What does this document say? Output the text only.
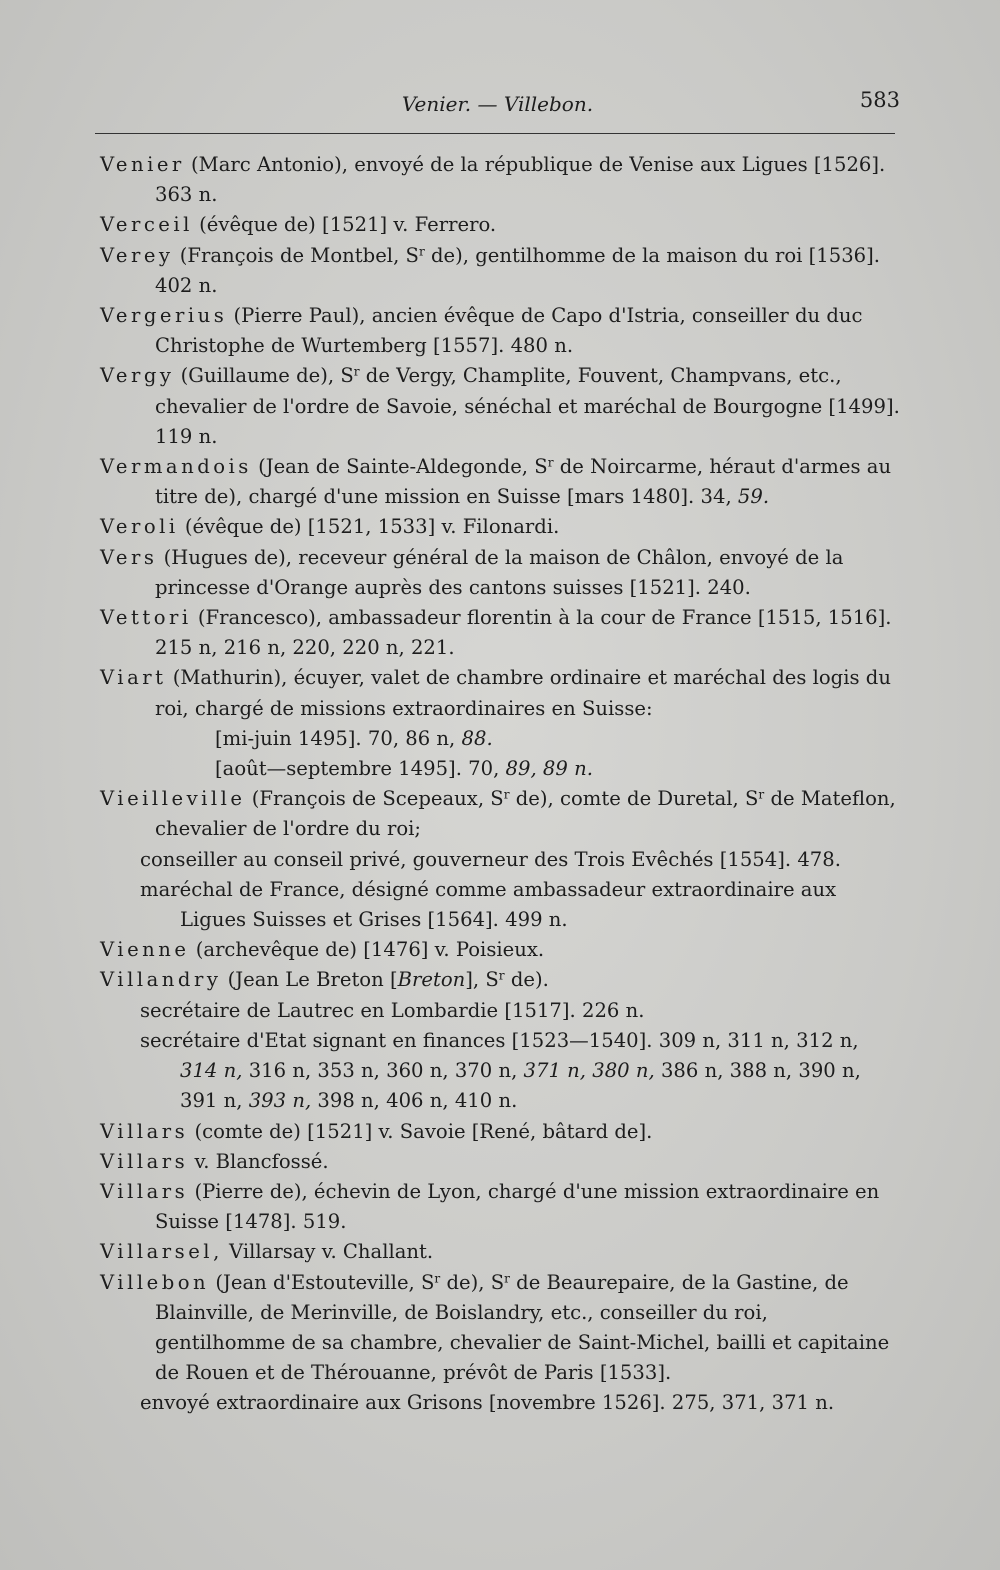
Venier. — Villebon.	583
Venier (Marc Antonio), envoyé de la république de Venise aux Ligues [1526]. 363 n.
Verceil (évêque de) [1521] v. Ferrero.
Verey (François de Montbel, $S^r$ de), gentilhomme de la maison du roi [1536]. 402 n.
Vergerius (Pierre Paul), ancien évêque de Capo d'Istria, conseiller du duc Christophe de Wurtemberg [1557]. 480 n.
Vergy (Guillaume de), $S^r$ de Vergy, Champlite, Fouvent, Champvans, etc., chevalier de l'ordre de Savoie, sénéchal et maréchal de Bourgogne [1499]. 119 n.
Vermandois (Jean de Sainte-Aldegonde, $S^r$ de Noircarme, héraut d'armes au titre de), chargé d'une mission en Suisse [mars 1480]. 34, 59.
Veroli (évêque de) [1521, 1533] v. Filonardi.
Vers (Hugues de), receveur général de la maison de Châlon, envoyé de la princesse d'Orange auprès des cantons suisses [1521]. 240.
Vettori (Francesco), ambassadeur florentin à la cour de France [1515, 1516]. 215 n, 216 n, 220, 220 n, 221.
Viart (Mathurin), écuyer, valet de chambre ordinaire et maréchal des logis du roi, chargé de missions extraordinaires en Suisse:
[mi-juin 1495]. 70, 86 n, 88.
[août—septembre 1495]. 70, 89, 89 n.
Vieilleville (François de Scepeaux, $S^r$ de), comte de Duretal, $S^r$ de Mateflon, chevalier de l'ordre du roi;
conseiller au conseil privé, gouverneur des Trois Evêchés [1554]. 478.
maréchal de France, désigné comme ambassadeur extraordinaire aux Ligues Suisses et Grises [1564]. 499 n.
Vienne (archevêque de) [1476] v. Poisieux.
Villandry (Jean Le Breton [Breton], $S^r$ de).
secrétaire de Lautrec en Lombardie [1517]. 226 n.
secrétaire d'Etat signant en finances [1523—1540]. 309 n, 311 n, 312 n, 314 n, 316 n, 353 n, 360 n, 370 n, 371 n, 380 n, 386 n, 388 n, 390 n, 391 n, 393 n, 398 n, 406 n, 410 n.
Villars (comte de) [1521] v. Savoie [René, bâtard de].
Villars v. Blancfossé.
Villars (Pierre de), échevin de Lyon, chargé d'une mission extraordinaire en Suisse [1478]. 519.
Villarsel, Villarsay v. Challant.
Villebon (Jean d'Estouteville, $S^r$ de), $S^r$ de Beaurepaire, de la Gastine, de Blainville, de Merinville, de Boislandry, etc., conseiller du roi, gentilhomme de sa chambre, chevalier de Saint-Michel, bailli et capitaine de Rouen et de Thérouanne, prévôt de Paris [1533].
envoyé extraordinaire aux Grisons [novembre 1526]. 275, 371, 371 n.
